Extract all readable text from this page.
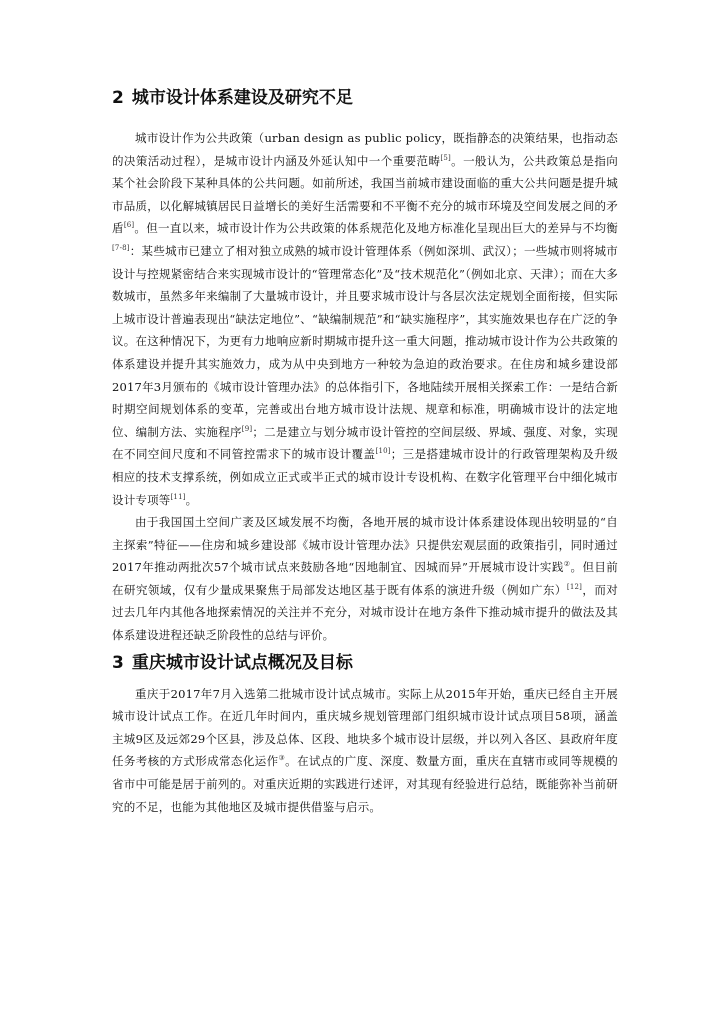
2 城市设计体系建设及研究不足

城市设计作为公共政策（urban design as public policy，既指静态的决策结果，也指动态的决策活动过程），是城市设计内涵及外延认知中一个重要范畴[5]。一般认为，公共政策总是指向某个社会阶段下某种具体的公共问题。如前所述，我国当前城市建设面临的重大公共问题是提升城市品质，以化解城镇居民日益增长的美好生活需要和不平衡不充分的城市环境及空间发展之间的矛盾[6]。但一直以来，城市设计作为公共政策的体系规范化及地方标准化呈现出巨大的差异与不均衡[7-8]：某些城市已建立了相对独立成熟的城市设计管理体系（例如深圳、武汉）；一些城市则将城市设计与控规紧密结合来实现城市设计的“管理常态化”及“技术规范化”（例如北京、天津）；而在大多数城市，虽然多年来编制了大量城市设计，并且要求城市设计与各层次法定规划全面衔接，但实际上城市设计普遍表现出“缺法定地位”、“缺编制规范”和“缺实施程序”，其实施效果也存在广泛的争议。在这种情况下，为更有力地响应新时期城市提升这一重大问题，推动城市设计作为公共政策的体系建设并提升其实施效力，成为从中央到地方一种较为急迫的政治要求。在住房和城乡建设部2017年3月颁布的《城市设计管理办法》的总体指引下，各地陆续开展相关探索工作：一是结合新时期空间规划体系的变革，完善或出台地方城市设计法规、规章和标准，明确城市设计的法定地位、编制方法、实施程序[9]；二是建立与划分城市设计管控的空间层级、界域、强度、对象，实现在不同空间尺度和不同管控需求下的城市设计覆盖[10]；三是搭建城市设计的行政管理架构及升级相应的技术支撑系统，例如成立正式或半正式的城市设计专设机构、在数字化管理平台中细化城市设计专项等[11]。

由于我国国土空间广袤及区域发展不均衡，各地开展的城市设计体系建设体现出较明显的“自主探索”特征——住房和城乡建设部《城市设计管理办法》只提供宏观层面的政策指引，同时通过2017年推动两批次57个城市试点来鼓励各地“因地制宜、因城而异”开展城市设计实践②。但目前在研究领域，仅有少量成果聚焦于局部发达地区基于既有体系的演进升级（例如广东）[12]，而对过去几年内其他各地探索情况的关注并不充分，对城市设计在地方条件下推动城市提升的做法及其体系建设进程还缺乏阶段性的总结与评价。

3 重庆城市设计试点概况及目标

重庆于2017年7月入选第二批城市设计试点城市。实际上从2015年开始，重庆已经自主开展城市设计试点工作。在近几年时间内，重庆城乡规划管理部门组织城市设计试点项目58项，涵盖主城9区及远郊29个区县，涉及总体、区段、地块多个城市设计层级，并以列入各区、县政府年度任务考核的方式形成常态化运作③。在试点的广度、深度、数量方面，重庆在直辖市或同等规模的省市中可能是居于前列的。对重庆近期的实践进行述评，对其现有经验进行总结，既能弥补当前研究的不足，也能为其他地区及城市提供借鉴与启示。
